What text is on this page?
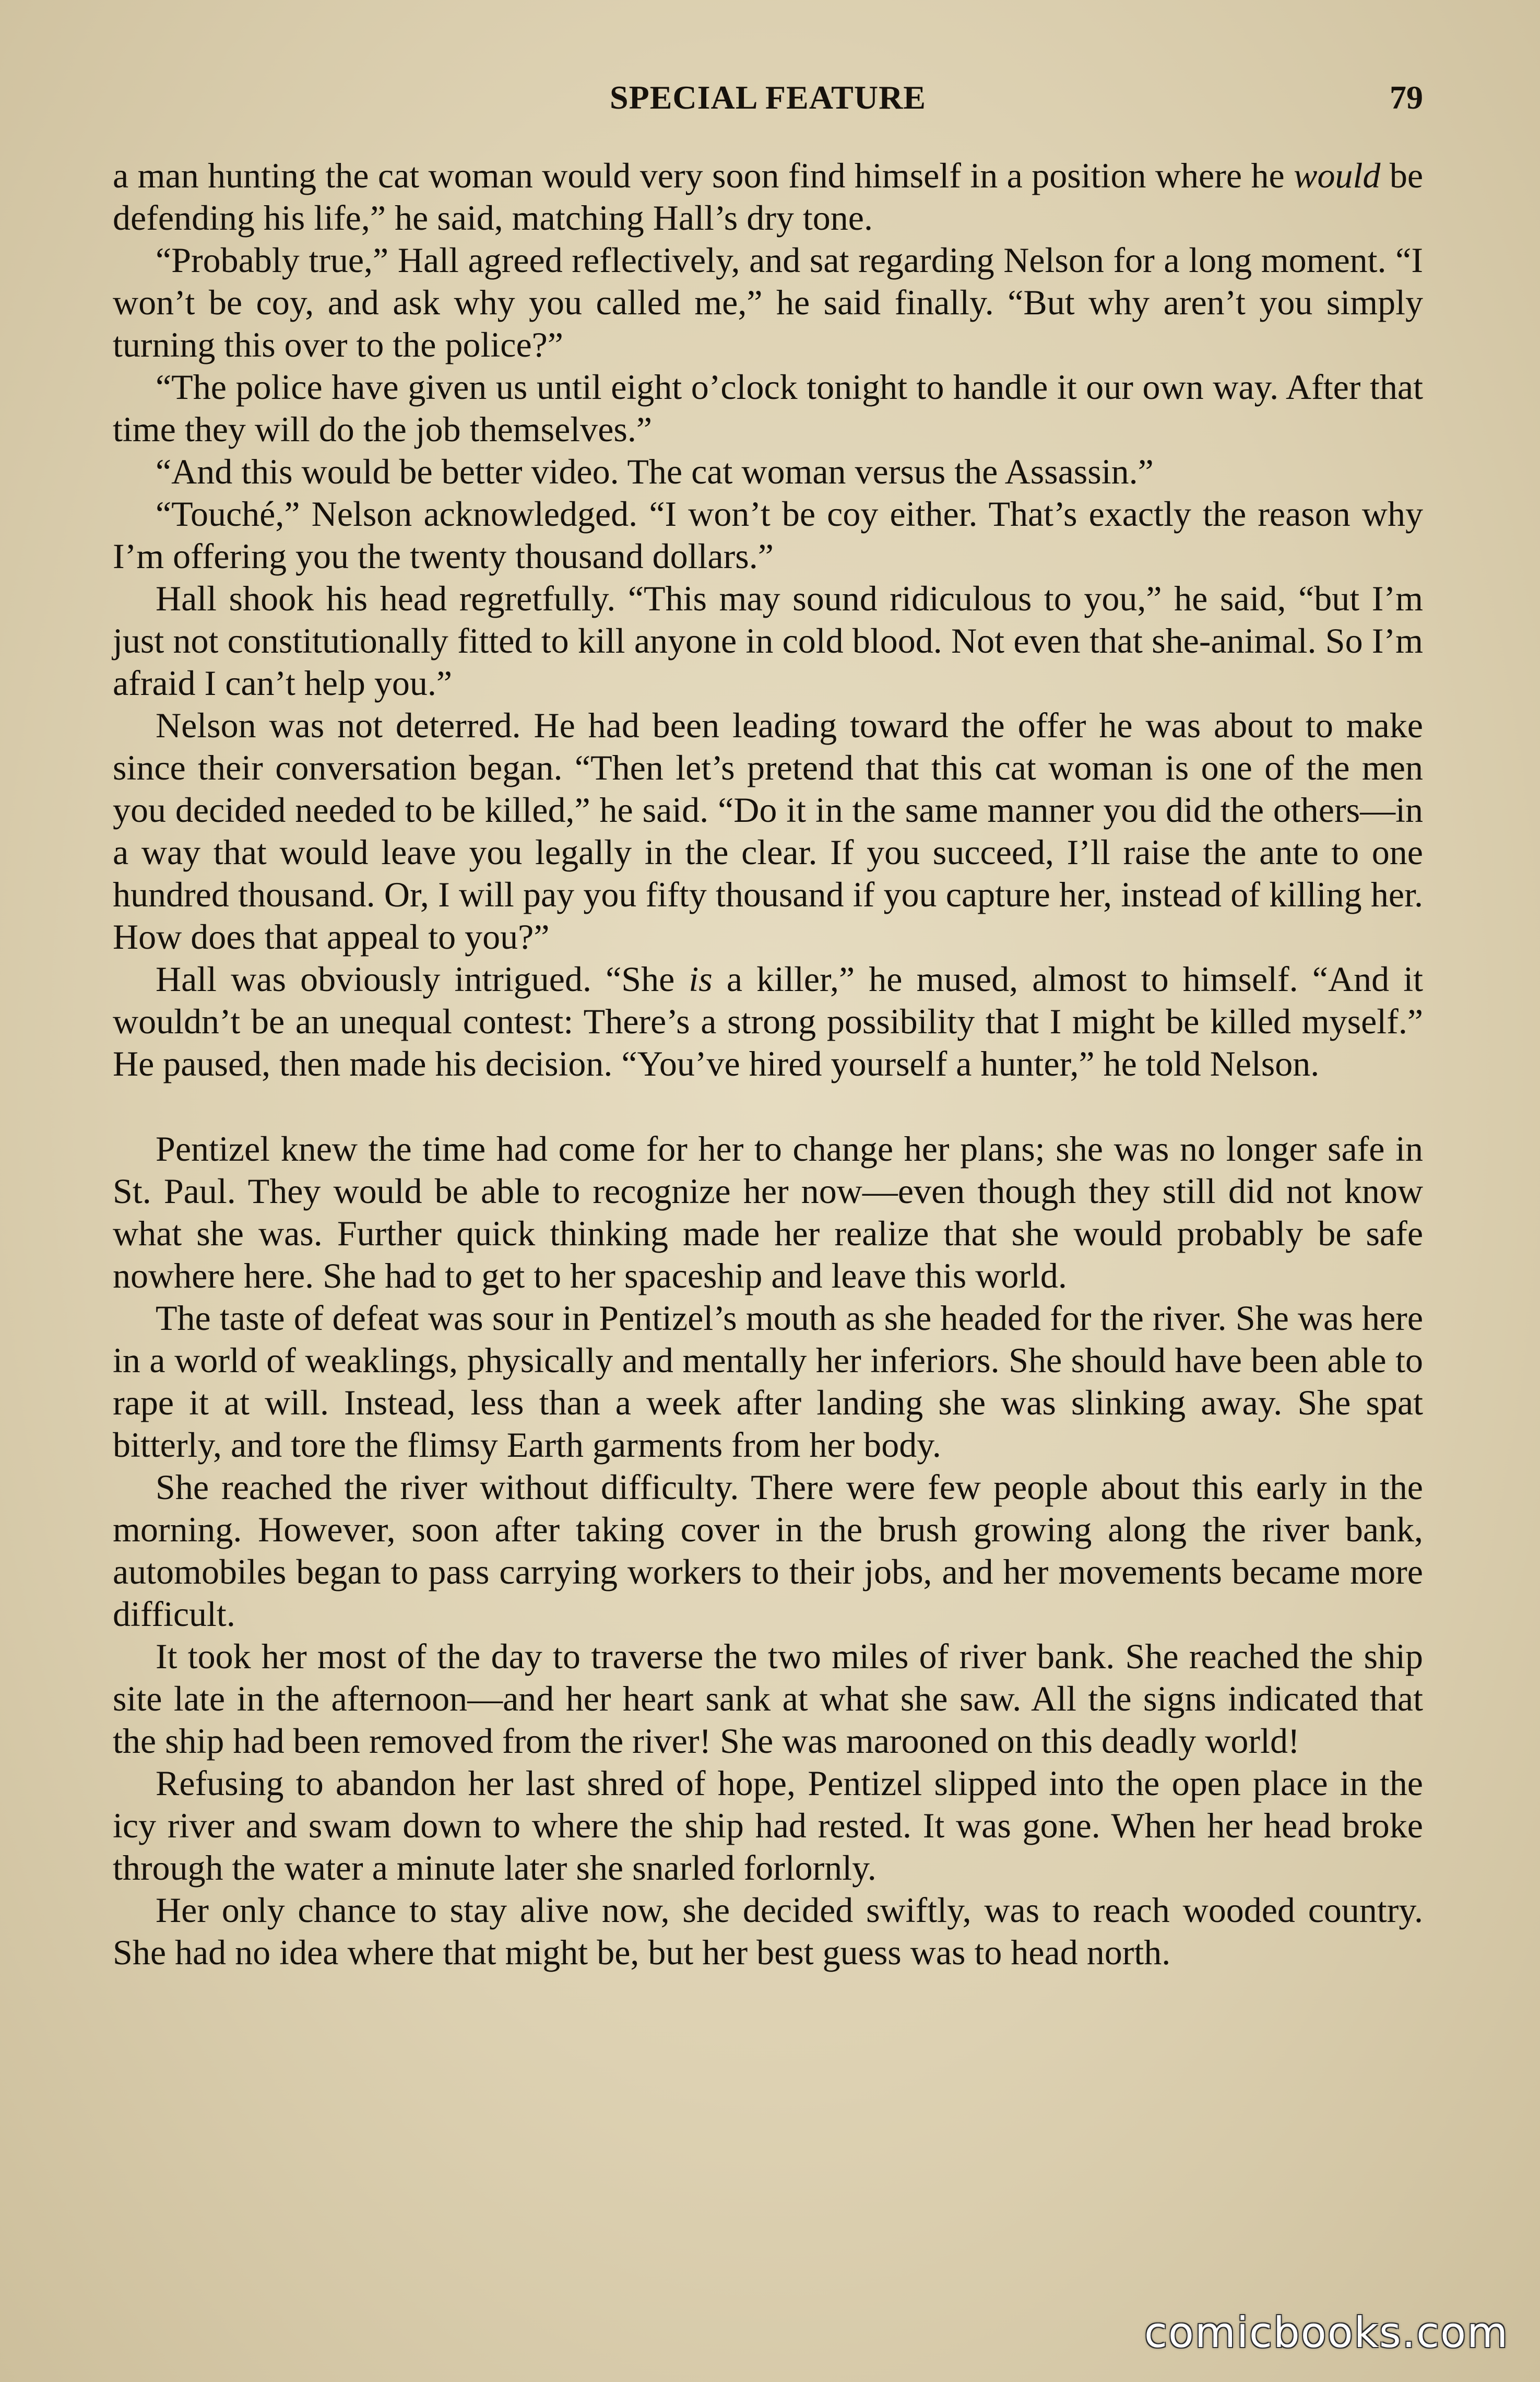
SPECIAL FEATURE	79

a man hunting the cat woman would very soon find himself in a position where he would be defending his life,” he said, matching Hall’s dry tone.

“Probably true,” Hall agreed reflectively, and sat regarding Nelson for a long moment. “I won’t be coy, and ask why you called me,” he said finally. “But why aren’t you simply turning this over to the police?”

“The police have given us until eight o’clock tonight to handle it our own way. After that time they will do the job themselves.”

“And this would be better video. The cat woman versus the Assassin.”

“Touché,” Nelson acknowledged. “I won’t be coy either. That’s exactly the reason why I’m offering you the twenty thousand dollars.”

Hall shook his head regretfully. “This may sound ridiculous to you,” he said, “but I’m just not constitutionally fitted to kill anyone in cold blood. Not even that she-animal. So I’m afraid I can’t help you.”

Nelson was not deterred. He had been leading toward the offer he was about to make since their conversation began. “Then let’s pretend that this cat woman is one of the men you decided needed to be killed,” he said. “Do it in the same manner you did the others—in a way that would leave you legally in the clear. If you succeed, I’ll raise the ante to one hundred thousand. Or, I will pay you fifty thousand if you capture her, instead of killing her. How does that appeal to you?”

Hall was obviously intrigued. “She is a killer,” he mused, almost to himself. “And it wouldn’t be an unequal contest: There’s a strong possibility that I might be killed myself.” He paused, then made his decision. “You’ve hired yourself a hunter,” he told Nelson.

Pentizel knew the time had come for her to change her plans; she was no longer safe in St. Paul. They would be able to recognize her now—even though they still did not know what she was. Further quick thinking made her realize that she would probably be safe nowhere here. She had to get to her spaceship and leave this world.

The taste of defeat was sour in Pentizel’s mouth as she headed for the river. She was here in a world of weaklings, physically and mentally her inferiors. She should have been able to rape it at will. Instead, less than a week after landing she was slinking away. She spat bitterly, and tore the flimsy Earth garments from her body.

She reached the river without difficulty. There were few people about this early in the morning. However, soon after taking cover in the brush growing along the river bank, automobiles began to pass carrying workers to their jobs, and her movements became more difficult.

It took her most of the day to traverse the two miles of river bank. She reached the ship site late in the afternoon—and her heart sank at what she saw. All the signs indicated that the ship had been removed from the river! She was marooned on this deadly world!

Refusing to abandon her last shred of hope, Pentizel slipped into the open place in the icy river and swam down to where the ship had rested. It was gone. When her head broke through the water a minute later she snarled forlornly.

Her only chance to stay alive now, she decided swiftly, was to reach wooded country. She had no idea where that might be, but her best guess was to head north.

comicbooks.com
